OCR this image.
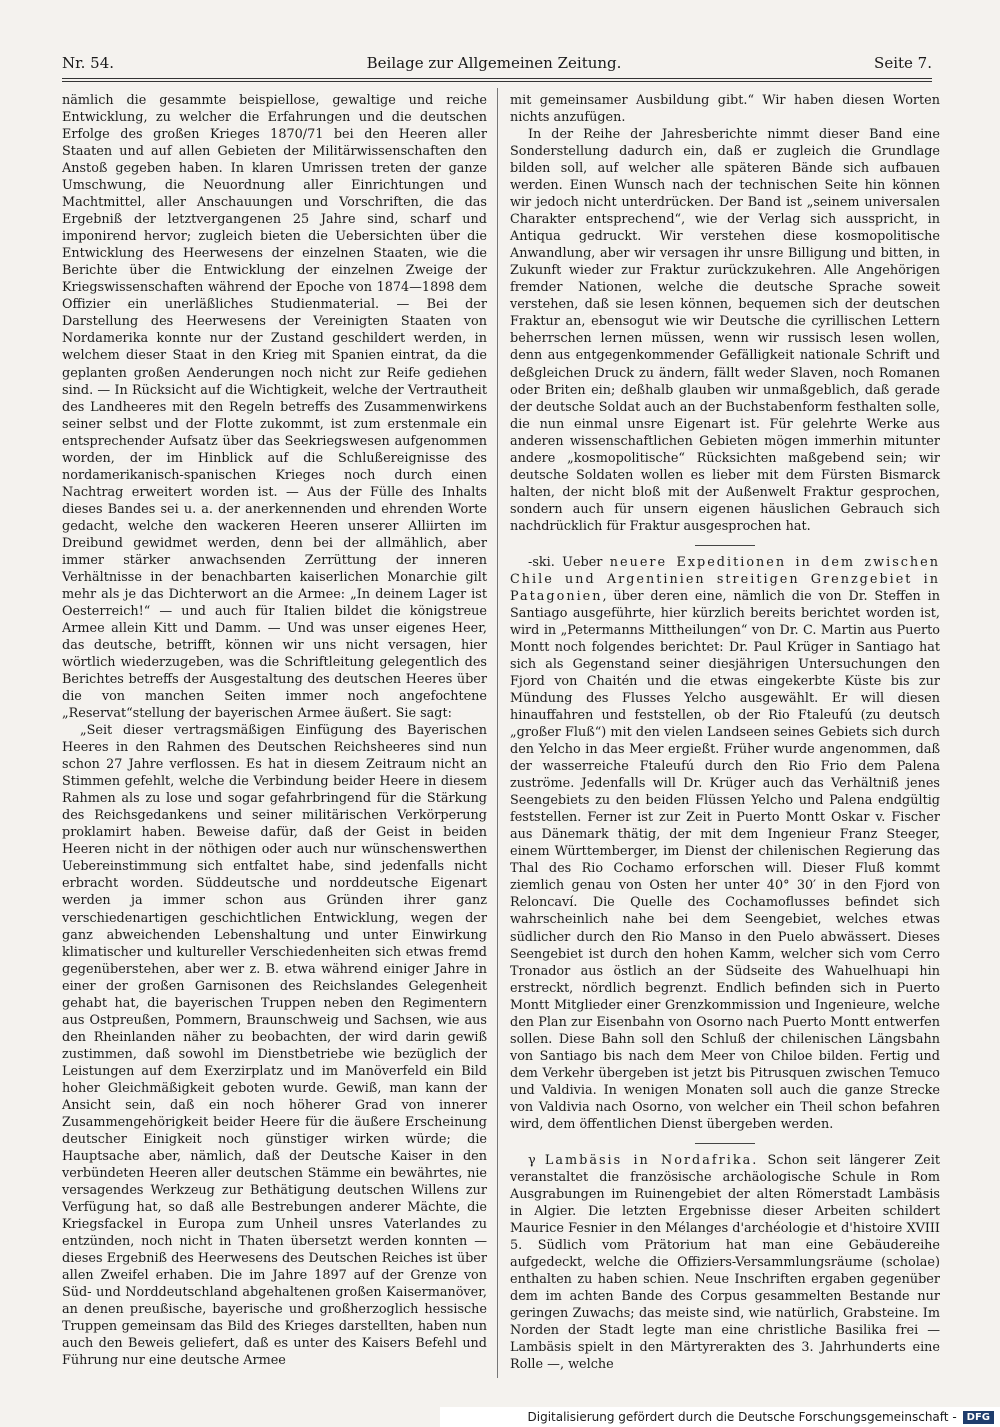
Nr. 54.	Beilage zur Allgemeinen Zeitung.	Seite 7.

nämlich die gesammte beispiellose, gewaltige und reiche Entwicklung, zu welcher die Erfahrungen und die deutschen Erfolge des großen Krieges 1870/71 bei den Heeren aller Staaten und auf allen Gebieten der Militärwissenschaften den Anstoß gegeben haben. In klaren Umrissen treten der ganze Umschwung, die Neuordnung aller Einrichtungen und Machtmittel, aller Anschauungen und Vorschriften, die das Ergebniß der letztvergangenen 25 Jahre sind, scharf und imponirend hervor; zugleich bieten die Uebersichten über die Entwicklung des Heerwesens der einzelnen Staaten, wie die Berichte über die Entwicklung der einzelnen Zweige der Kriegswissenschaften während der Epoche von 1874—1898 dem Offizier ein unerläßliches Studienmaterial. — Bei der Darstellung des Heerwesens der Vereinigten Staaten von Nordamerika konnte nur der Zustand geschildert werden, in welchem dieser Staat in den Krieg mit Spanien eintrat, da die geplanten großen Aenderungen noch nicht zur Reife gediehen sind. — In Rücksicht auf die Wichtigkeit, welche der Vertrautheit des Landheeres mit den Regeln betreffs des Zusammenwirkens seiner selbst und der Flotte zukommt, ist zum erstenmale ein entsprechender Aufsatz über das Seekriegswesen aufgenommen worden, der im Hinblick auf die Schlußereignisse des nordamerikanisch-spanischen Krieges noch durch einen Nachtrag erweitert worden ist. — Aus der Fülle des Inhalts dieses Bandes sei u. a. der anerkennenden und ehrenden Worte gedacht, welche den wackeren Heeren unserer Alliirten im Dreibund gewidmet werden, denn bei der allmählich, aber immer stärker anwachsenden Zerrüttung der inneren Verhältnisse in der benachbarten kaiserlichen Monarchie gilt mehr als je das Dichterwort an die Armee: „In deinem Lager ist Oesterreich!“ — und auch für Italien bildet die königstreue Armee allein Kitt und Damm. — Und was unser eigenes Heer, das deutsche, betrifft, können wir uns nicht versagen, hier wörtlich wiederzugeben, was die Schriftleitung gelegentlich des Berichtes betreffs der Ausgestaltung des deutschen Heeres über die von manchen Seiten immer noch angefochtene „Reservat“stellung der bayerischen Armee äußert. Sie sagt:

„Seit dieser vertragsmäßigen Einfügung des Bayerischen Heeres in den Rahmen des Deutschen Reichsheeres sind nun schon 27 Jahre verflossen. Es hat in diesem Zeitraum nicht an Stimmen gefehlt, welche die Verbindung beider Heere in diesem Rahmen als zu lose und sogar gefahrbringend für die Stärkung des Reichsgedankens und seiner militärischen Verkörperung proklamirt haben. Beweise dafür, daß der Geist in beiden Heeren nicht in der nöthigen oder auch nur wünschenswerthen Uebereinstimmung sich entfaltet habe, sind jedenfalls nicht erbracht worden. Süddeutsche und norddeutsche Eigenart werden ja immer schon aus Gründen ihrer ganz verschiedenartigen geschichtlichen Entwicklung, wegen der ganz abweichenden Lebenshaltung und unter Einwirkung klimatischer und kultureller Verschiedenheiten sich etwas fremd gegenüberstehen, aber wer z. B. etwa während einiger Jahre in einer der großen Garnisonen des Reichslandes Gelegenheit gehabt hat, die bayerischen Truppen neben den Regimentern aus Ostpreußen, Pommern, Braunschweig und Sachsen, wie aus den Rheinlanden näher zu beobachten, der wird darin gewiß zustimmen, daß sowohl im Dienstbetriebe wie bezüglich der Leistungen auf dem Exerzirplatz und im Manöverfeld ein Bild hoher Gleichmäßigkeit geboten wurde. Gewiß, man kann der Ansicht sein, daß ein noch höherer Grad von innerer Zusammengehörigkeit beider Heere für die äußere Erscheinung deutscher Einigkeit noch günstiger wirken würde; die Hauptsache aber, nämlich, daß der Deutsche Kaiser in den verbündeten Heeren aller deutschen Stämme ein bewährtes, nie versagendes Werkzeug zur Bethätigung deutschen Willens zur Verfügung hat, so daß alle Bestrebungen anderer Mächte, die Kriegsfackel in Europa zum Unheil unsres Vaterlandes zu entzünden, noch nicht in Thaten übersetzt werden konnten — dieses Ergebniß des Heerwesens des Deutschen Reiches ist über allen Zweifel erhaben. Die im Jahre 1897 auf der Grenze von Süd- und Norddeutschland abgehaltenen großen Kaisermanöver, an denen preußische, bayerische und großherzoglich hessische Truppen gemeinsam das Bild des Krieges darstellten, haben nun auch den Beweis geliefert, daß es unter des Kaisers Befehl und Führung nur eine deutsche Armee

mit gemeinsamer Ausbildung gibt.“ Wir haben diesen Worten nichts anzufügen.

In der Reihe der Jahresberichte nimmt dieser Band eine Sonderstellung dadurch ein, daß er zugleich die Grundlage bilden soll, auf welcher alle späteren Bände sich aufbauen werden. Einen Wunsch nach der technischen Seite hin können wir jedoch nicht unterdrücken. Der Band ist „seinem universalen Charakter entsprechend“, wie der Verlag sich ausspricht, in Antiqua gedruckt. Wir verstehen diese kosmopolitische Anwandlung, aber wir versagen ihr unsre Billigung und bitten, in Zukunft wieder zur Fraktur zurückzukehren. Alle Angehörigen fremder Nationen, welche die deutsche Sprache soweit verstehen, daß sie lesen können, bequemen sich der deutschen Fraktur an, ebensogut wie wir Deutsche die cyrillischen Lettern beherrschen lernen müssen, wenn wir russisch lesen wollen, denn aus entgegenkommender Gefälligkeit nationale Schrift und deßgleichen Druck zu ändern, fällt weder Slaven, noch Romanen oder Briten ein; deßhalb glauben wir unmaßgeblich, daß gerade der deutsche Soldat auch an der Buchstabenform festhalten solle, die nun einmal unsre Eigenart ist. Für gelehrte Werke aus anderen wissenschaftlichen Gebieten mögen immerhin mitunter andere „kosmopolitische“ Rücksichten maßgebend sein; wir deutsche Soldaten wollen es lieber mit dem Fürsten Bismarck halten, der nicht bloß mit der Außenwelt Fraktur gesprochen, sondern auch für unsern eigenen häuslichen Gebrauch sich nachdrücklich für Fraktur ausgesprochen hat.

-ski. Ueber neuere Expeditionen in dem zwischen Chile und Argentinien streitigen Grenzgebiet in Patagonien, über deren eine, nämlich die von Dr. Steffen in Santiago ausgeführte, hier kürzlich bereits berichtet worden ist, wird in „Petermanns Mittheilungen“ von Dr. C. Martin aus Puerto Montt noch folgendes berichtet: Dr. Paul Krüger in Santiago hat sich als Gegenstand seiner diesjährigen Untersuchungen den Fjord von Chaitén und die etwas eingekerbte Küste bis zur Mündung des Flusses Yelcho ausgewählt. Er will diesen hinauffahren und feststellen, ob der Rio Ftaleufú (zu deutsch „großer Fluß“) mit den vielen Landseen seines Gebiets sich durch den Yelcho in das Meer ergießt. Früher wurde angenommen, daß der wasserreiche Ftaleufú durch den Rio Frio dem Palena zuströme. Jedenfalls will Dr. Krüger auch das Verhältniß jenes Seengebiets zu den beiden Flüssen Yelcho und Palena endgültig feststellen. Ferner ist zur Zeit in Puerto Montt Oskar v. Fischer aus Dänemark thätig, der mit dem Ingenieur Franz Steeger, einem Württemberger, im Dienst der chilenischen Regierung das Thal des Rio Cochamo erforschen will. Dieser Fluß kommt ziemlich genau von Osten her unter 40° 30′ in den Fjord von Reloncaví. Die Quelle des Cochamoflusses befindet sich wahrscheinlich nahe bei dem Seengebiet, welches etwas südlicher durch den Rio Manso in den Puelo abwässert. Dieses Seengebiet ist durch den hohen Kamm, welcher sich vom Cerro Tronador aus östlich an der Südseite des Wahuelhuapi hin erstreckt, nördlich begrenzt. Endlich befinden sich in Puerto Montt Mitglieder einer Grenzkommission und Ingenieure, welche den Plan zur Eisenbahn von Osorno nach Puerto Montt entwerfen sollen. Diese Bahn soll den Schluß der chilenischen Längsbahn von Santiago bis nach dem Meer von Chiloe bilden. Fertig und dem Verkehr übergeben ist jetzt bis Pitrusquen zwischen Temuco und Valdivia. In wenigen Monaten soll auch die ganze Strecke von Valdivia nach Osorno, von welcher ein Theil schon befahren wird, dem öffentlichen Dienst übergeben werden.

γ Lambäsis in Nordafrika. Schon seit längerer Zeit veranstaltet die französische archäologische Schule in Rom Ausgrabungen im Ruinengebiet der alten Römerstadt Lambäsis in Algier. Die letzten Ergebnisse dieser Arbeiten schildert Maurice Fesnier in den Mélanges d'archéologie et d'histoire XVIII 5. Südlich vom Prätorium hat man eine Gebäudereihe aufgedeckt, welche die Offiziers-Versammlungsräume (scholae) enthalten zu haben schien. Neue Inschriften ergaben gegenüber dem im achten Bande des Corpus gesammelten Bestande nur geringen Zuwachs; das meiste sind, wie natürlich, Grabsteine. Im Norden der Stadt legte man eine christliche Basilika frei — Lambäsis spielt in den Märtyrerakten des 3. Jahrhunderts eine Rolle —, welche

Digitalisierung gefördert durch die Deutsche Forschungsgemeinschaft -	DFG
